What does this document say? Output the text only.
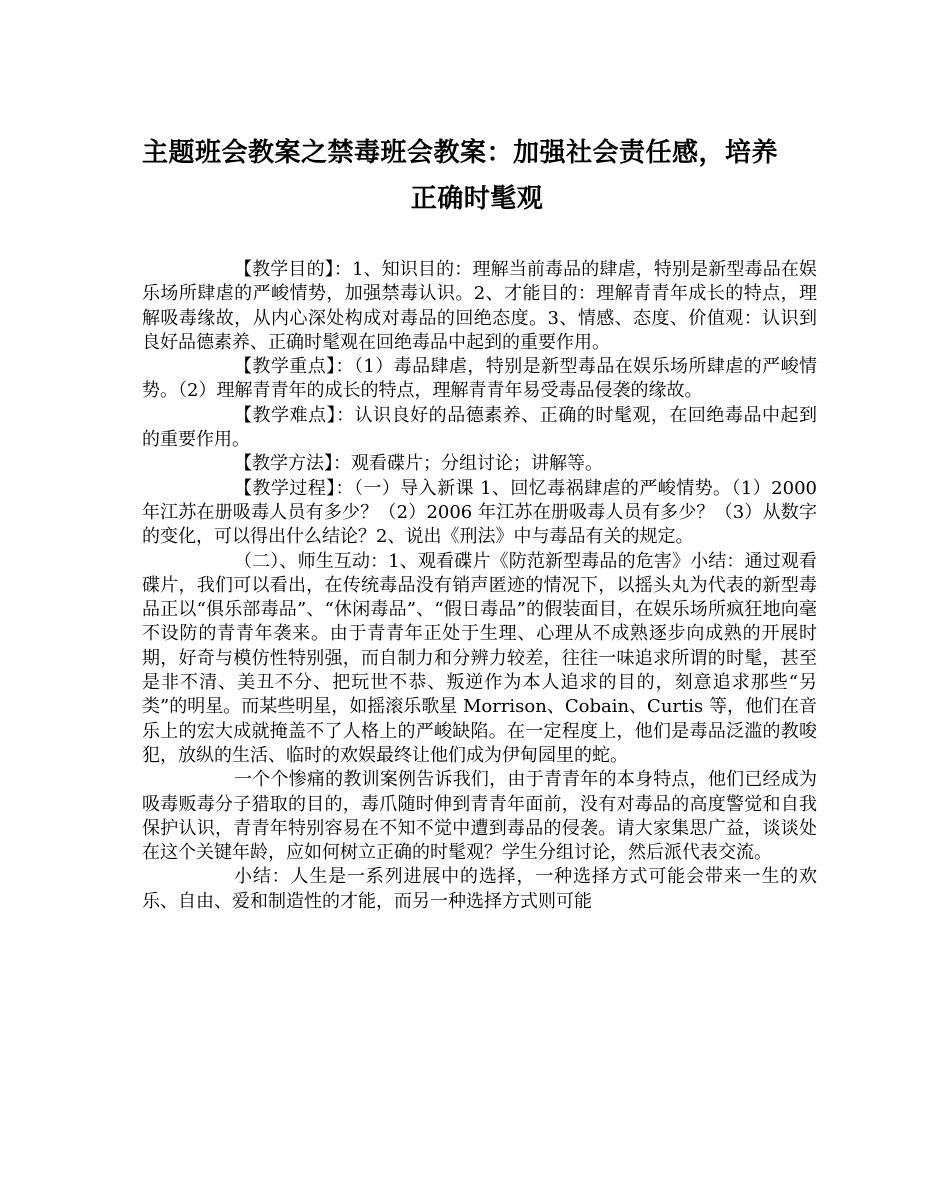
主题班会教案之禁毒班会教案：加强社会责任感，培养
正确时髦观

【教学目的】：1、知识目的：理解当前毒品的肆虐，特别是新型毒品在娱乐场所肆虐的严峻情势，加强禁毒认识。2、才能目的：理解青青年成长的特点，理解吸毒缘故，从内心深处构成对毒品的回绝态度。3、情感、态度、价值观：认识到良好品德素养、正确时髦观在回绝毒品中起到的重要作用。

【教学重点】：（1）毒品肆虐，特别是新型毒品在娱乐场所肆虐的严峻情势。（2）理解青青年的成长的特点，理解青青年易受毒品侵袭的缘故。

【教学难点】：认识良好的品德素养、正确的时髦观，在回绝毒品中起到的重要作用。

【教学方法】：观看碟片；分组讨论；讲解等。

【教学过程】：（一）导入新课 1、回忆毒祸肆虐的严峻情势。（1）2000 年江苏在册吸毒人员有多少？（2）2006 年江苏在册吸毒人员有多少？（3）从数字的变化，可以得出什么结论？2、说出《刑法》中与毒品有关的规定。

（二）、师生互动：1、观看碟片《防范新型毒品的危害》小结：通过观看碟片，我们可以看出，在传统毒品没有销声匿迹的情况下，以摇头丸为代表的新型毒品正以“俱乐部毒品”、“休闲毒品”、“假日毒品”的假装面目，在娱乐场所疯狂地向毫不设防的青青年袭来。由于青青年正处于生理、心理从不成熟逐步向成熟的开展时期，好奇与模仿性特别强，而自制力和分辨力较差，往往一味追求所谓的时髦，甚至是非不清、美丑不分、把玩世不恭、叛逆作为本人追求的目的，刻意追求那些“另类”的明星。而某些明星，如摇滚乐歌星 Morrison、Cobain、Curtis 等，他们在音乐上的宏大成就掩盖不了人格上的严峻缺陷。在一定程度上，他们是毒品泛滥的教唆犯，放纵的生活、临时的欢娱最终让他们成为伊甸园里的蛇。

一个个惨痛的教训案例告诉我们，由于青青年的本身特点，他们已经成为吸毒贩毒分子猎取的目的，毒爪随时伸到青青年面前，没有对毒品的高度警觉和自我保护认识，青青年特别容易在不知不觉中遭到毒品的侵袭。请大家集思广益，谈谈处在这个关键年龄，应如何树立正确的时髦观？学生分组讨论，然后派代表交流。

小结：人生是一系列进展中的选择，一种选择方式可能会带来一生的欢乐、自由、爱和制造性的才能，而另一种选择方式则可能
